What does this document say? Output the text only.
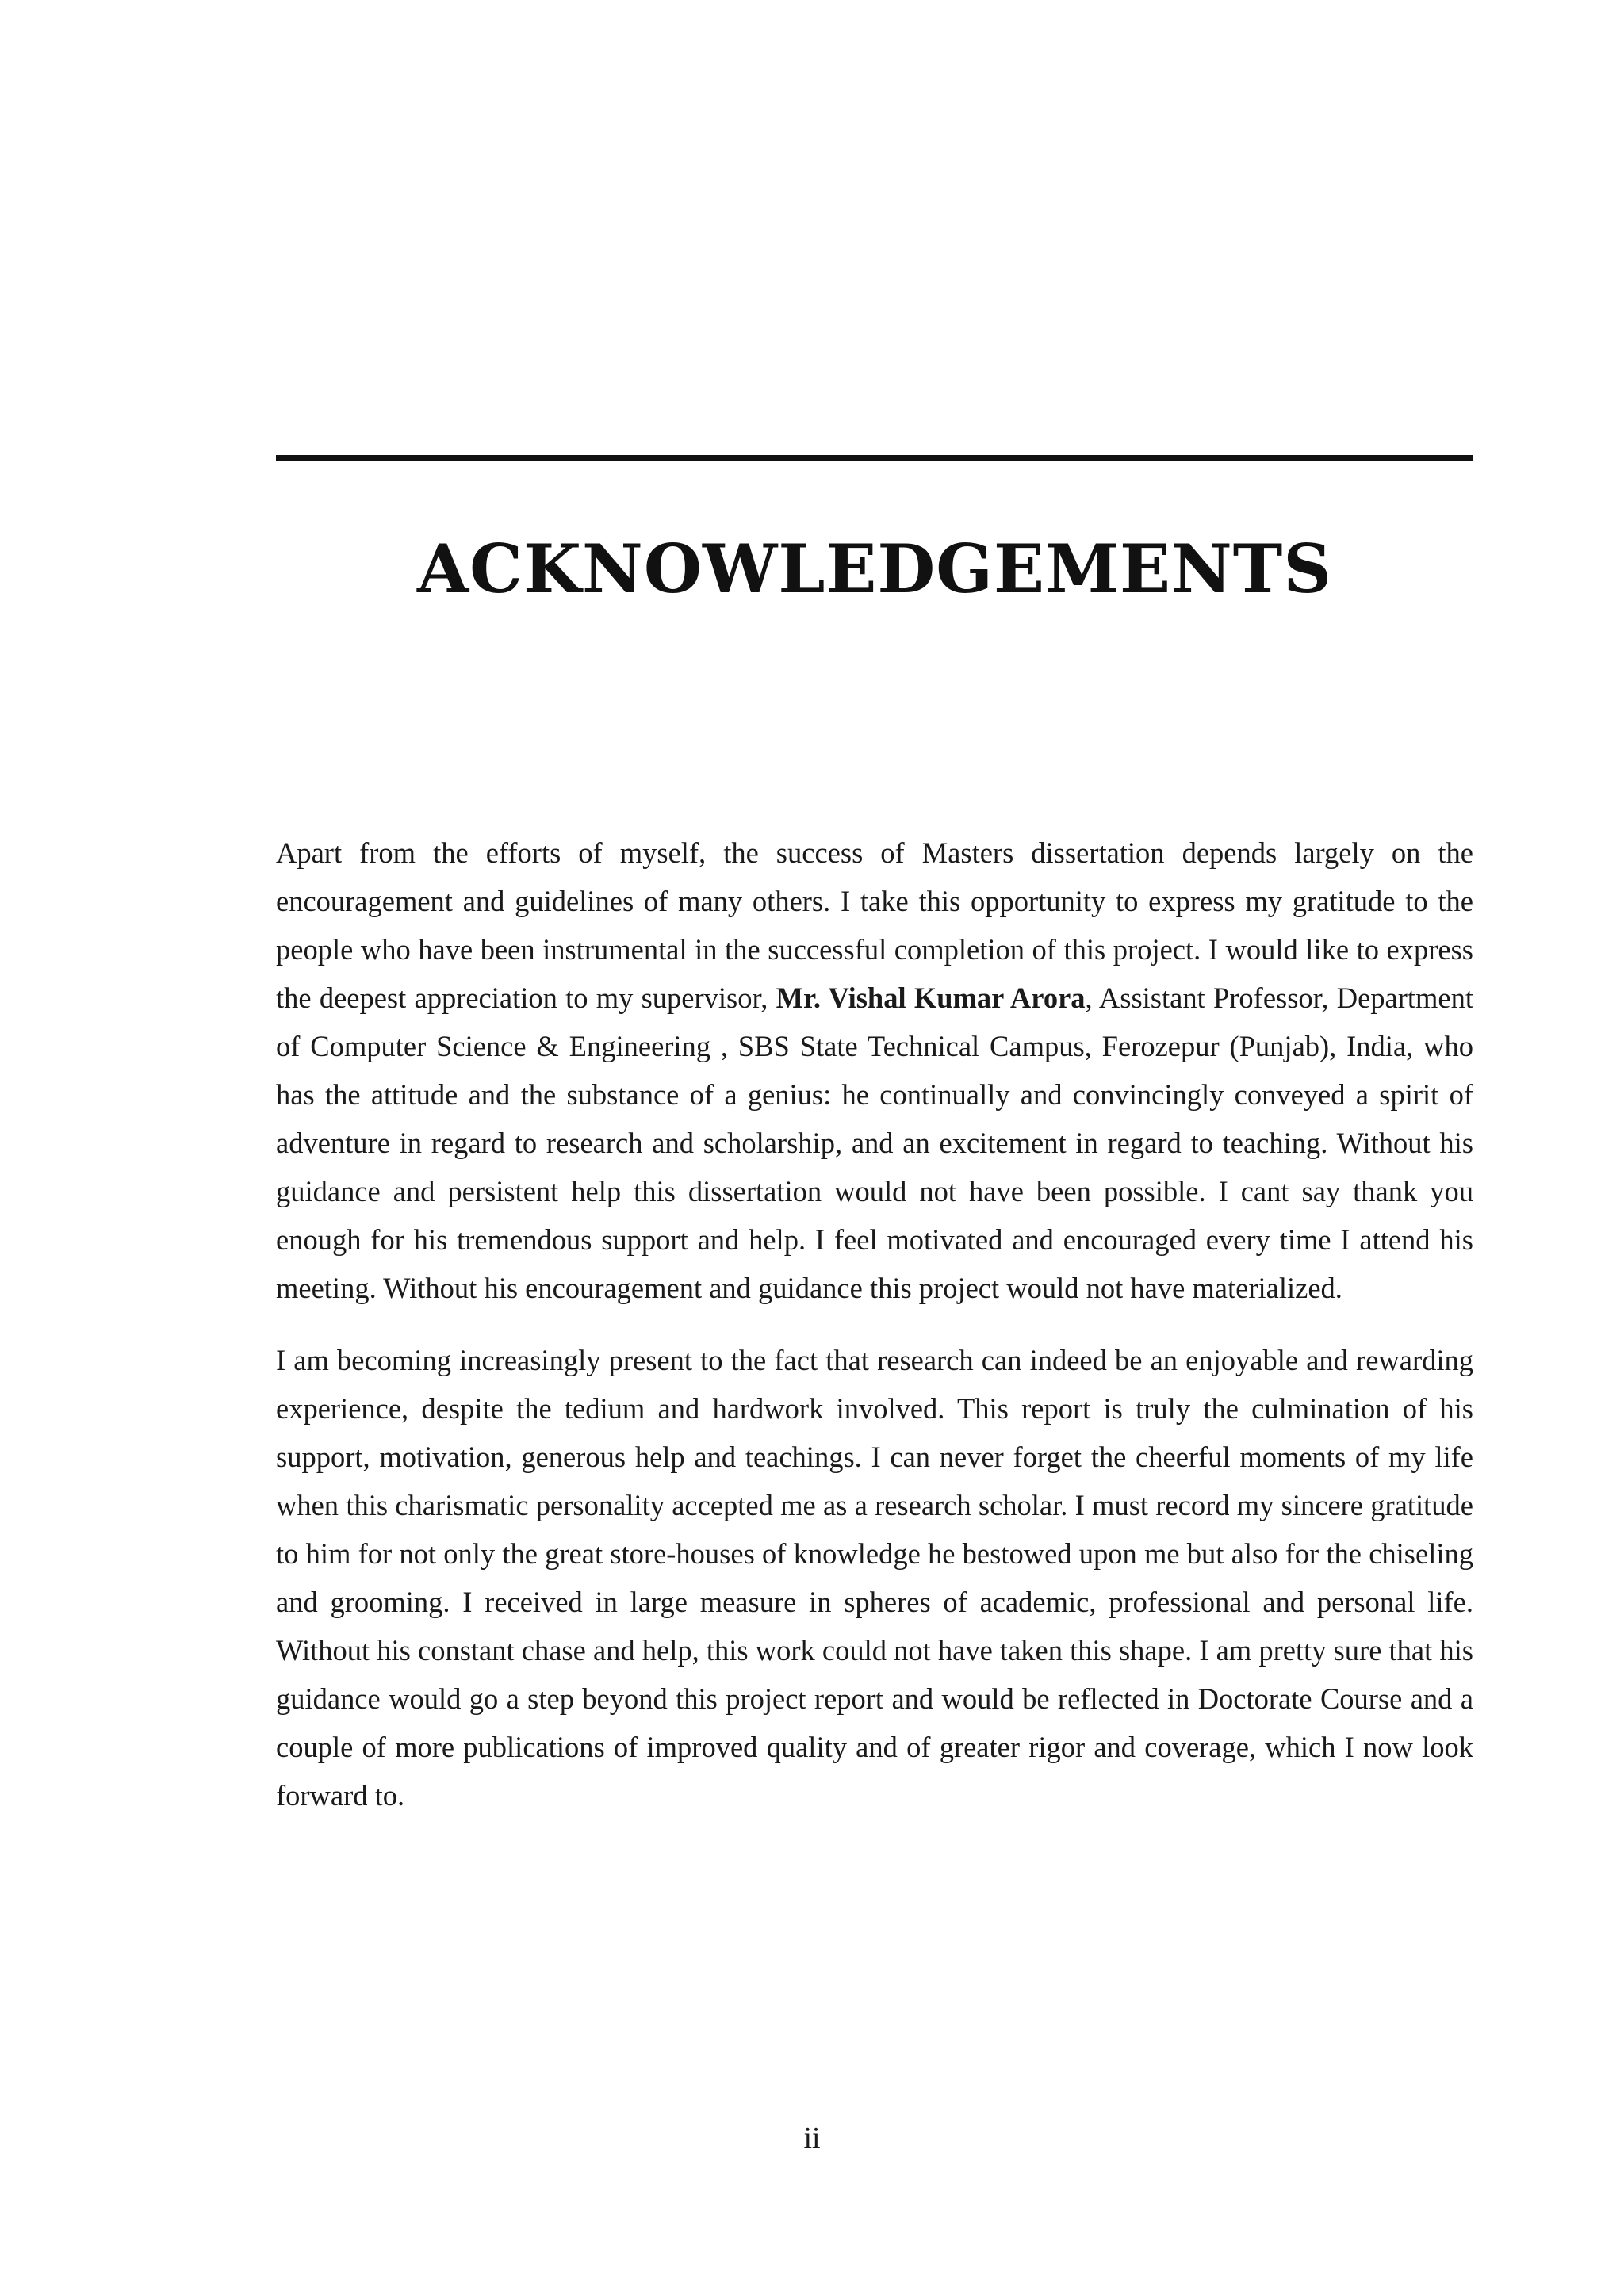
ACKNOWLEDGEMENTS

Apart from the efforts of myself, the success of Masters dissertation depends largely on the encouragement and guidelines of many others. I take this opportunity to express my gratitude to the people who have been instrumental in the successful completion of this project. I would like to express the deepest appreciation to my supervisor, Mr. Vishal Kumar Arora, Assistant Professor, Department of Computer Science & Engineering , SBS State Technical Campus, Ferozepur (Punjab), India, who has the attitude and the substance of a genius: he continually and convincingly conveyed a spirit of adventure in regard to research and scholarship, and an excitement in regard to teaching. Without his guidance and persistent help this dissertation would not have been possible. I cant say thank you enough for his tremendous support and help. I feel motivated and encouraged every time I attend his meeting. Without his encouragement and guidance this project would not have materialized.

I am becoming increasingly present to the fact that research can indeed be an enjoyable and rewarding experience, despite the tedium and hardwork involved. This report is truly the culmination of his support, motivation, generous help and teachings. I can never forget the cheerful moments of my life when this charismatic personality accepted me as a research scholar. I must record my sincere gratitude to him for not only the great store-houses of knowledge he bestowed upon me but also for the chiseling and grooming. I received in large measure in spheres of academic, professional and personal life. Without his constant chase and help, this work could not have taken this shape. I am pretty sure that his guidance would go a step beyond this project report and would be reflected in Doctorate Course and a couple of more publications of improved quality and of greater rigor and coverage, which I now look forward to.

ii
